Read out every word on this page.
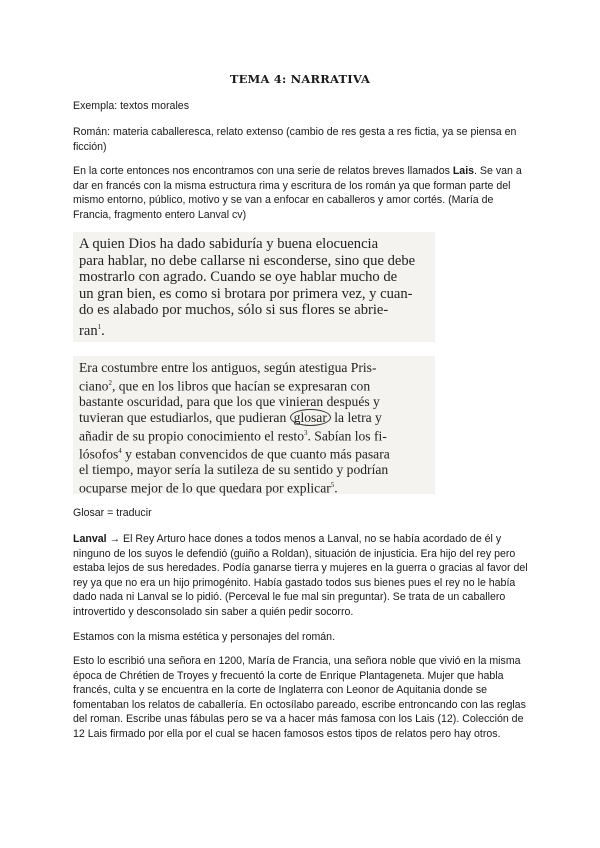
TEMA 4: NARRATIVA

Exempla: textos morales

Román: materia caballeresca, relato extenso (cambio de res gesta a res fictia, ya se piensa en ficción)

En la corte entonces nos encontramos con una serie de relatos breves llamados Lais. Se van a dar en francés con la misma estructura rima y escritura de los román ya que forman parte del mismo entorno, público, motivo y se van a enfocar en caballeros y amor cortés. (María de Francia, fragmento entero Lanval cv)

A quien Dios ha dado sabiduría y buena elocuencia
para hablar, no debe callarse ni esconderse, sino que debe
mostrarlo con agrado. Cuando se oye hablar mucho de
un gran bien, es como si brotara por primera vez, y cuan-
do es alabado por muchos, sólo si sus flores se abrie-
ran$^1$.
Era costumbre entre los antiguos, según atestigua Pris-
ciano$^2$, que en los libros que hacían se expresaran con
bastante oscuridad, para que los que vinieran después y
tuvieran que estudiarlos, que pudieran glosar la letra y
añadir de su propio conocimiento el resto$^3$. Sabían los fi-
lósofos$^4$ y estaban convencidos de que cuanto más pasara
el tiempo, mayor sería la sutileza de su sentido y podrían
ocuparse mejor de lo que quedara por explicar$^5$.

Glosar = traducir

Lanval → El Rey Arturo hace dones a todos menos a Lanval, no se había acordado de él y ninguno de los suyos le defendió (guiño a Roldan), situación de injusticia. Era hijo del rey pero estaba lejos de sus heredades. Podía ganarse tierra y mujeres en la guerra o gracias al favor del rey ya que no era un hijo primogénito. Había gastado todos sus bienes pues el rey no le había dado nada ni Lanval se lo pidió. (Perceval le fue mal sin preguntar). Se trata de un caballero introvertido y desconsolado sin saber a quién pedir socorro.

Estamos con la misma estética y personajes del román.

Esto lo escribió una señora en 1200, María de Francia, una señora noble que vivió en la misma época de Chrétien de Troyes y frecuentó la corte de Enrique Plantageneta. Mujer que habla francés, culta y se encuentra en la corte de Inglaterra con Leonor de Aquitania donde se fomentaban los relatos de caballería. En octosílabo pareado, escribe entroncando con las reglas del roman. Escribe unas fábulas pero se va a hacer más famosa con los Lais (12). Colección de 12 Lais firmado por ella por el cual se hacen famosos estos tipos de relatos pero hay otros.
